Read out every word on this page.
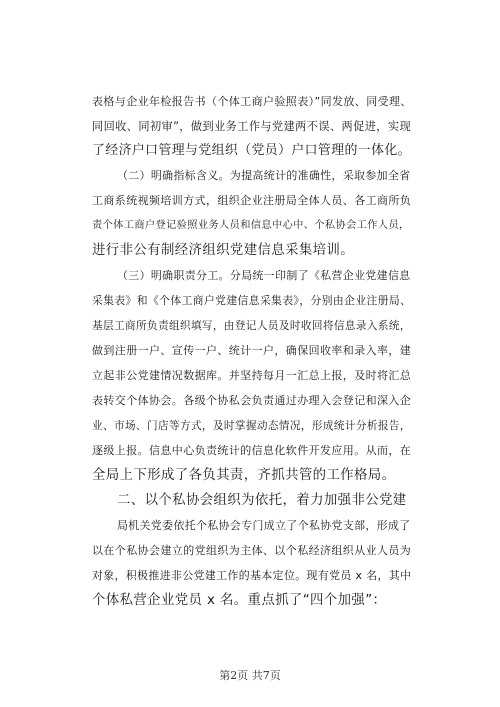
表格与企业年检报告书（个体工商户验照表）”同发放、同受理、
同回收、同初审”，做到业务工作与党建两不误、两促进，实现
了经济户口管理与党组织（党员）户口管理的一体化。
（二）明确指标含义。为提高统计的准确性，采取参加全省
工商系统视频培训方式，组织企业注册局全体人员、各工商所负
责个体工商户登记验照业务人员和信息中心中、个私协会工作人员，
进行非公有制经济组织党建信息采集培训。
（三）明确职责分工。分局统一印制了《私营企业党建信息
采集表》和《个体工商户党建信息采集表》，分别由企业注册局、
基层工商所负责组织填写，由登记人员及时收回将信息录入系统，
做到注册一户、宣传一户、统计一户，确保回收率和录入率，建
立起非公党建情况数据库。并坚持每月一汇总上报，及时将汇总
表转交个体协会。各级个协私会负责通过办理入会登记和深入企
业、市场、门店等方式，及时掌握动态情况，形成统计分析报告，
逐级上报。信息中心负责统计的信息化软件开发应用。从而，在
全局上下形成了各负其责，齐抓共管的工作格局。
二、以个私协会组织为依托，着力加强非公党建
局机关党委依托个私协会专门成立了个私协党支部，形成了
以在个私协会建立的党组织为主体、以个私经济组织从业人员为
对象，积极推进非公党建工作的基本定位。现有党员 x 名，其中
个体私营企业党员 x 名。重点抓了“四个加强”：
第2页 共7页
